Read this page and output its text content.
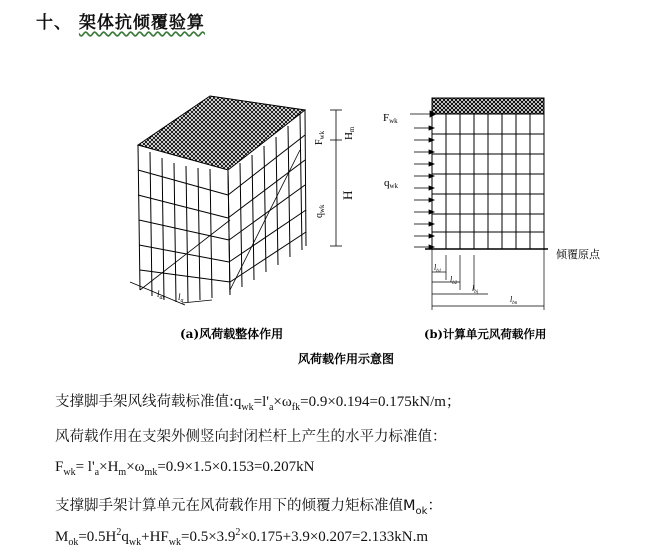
十、 架体抗倾覆验算
$F_{wk}$ Hm
H
$q_{wk}$
$l_{as}$ $l_a$
(a)风荷载整体作用
Fwk
qwk
倾覆原点
$l_{b1}$
$l_{b2}$
$l_{bj}$
$l_{bn}$
(b)计算单元风荷载作用
风荷载作用示意图
支撑脚手架风线荷载标准值$:q_{wk}=l'_a\times\omega_{fk}=0.9\times 0.194=0.175kN/m$；
风荷载作用在支架外侧竖向封闭栏杆上产生的水平力标准值：
$F_{wk}= l'_a\times H_m\times\omega_{mk}=0.9\times 1.5\times 0.153=0.207kN$
支撑脚手架计算单元在风荷载作用下的倾覆力矩标准值$M_{ok}$：
$M_{ok}=0.5H^2q_{wk}+HF_{wk}=0.5\times 3.9^2\times 0.175+3.9\times 0.207=2.133kN.m$
